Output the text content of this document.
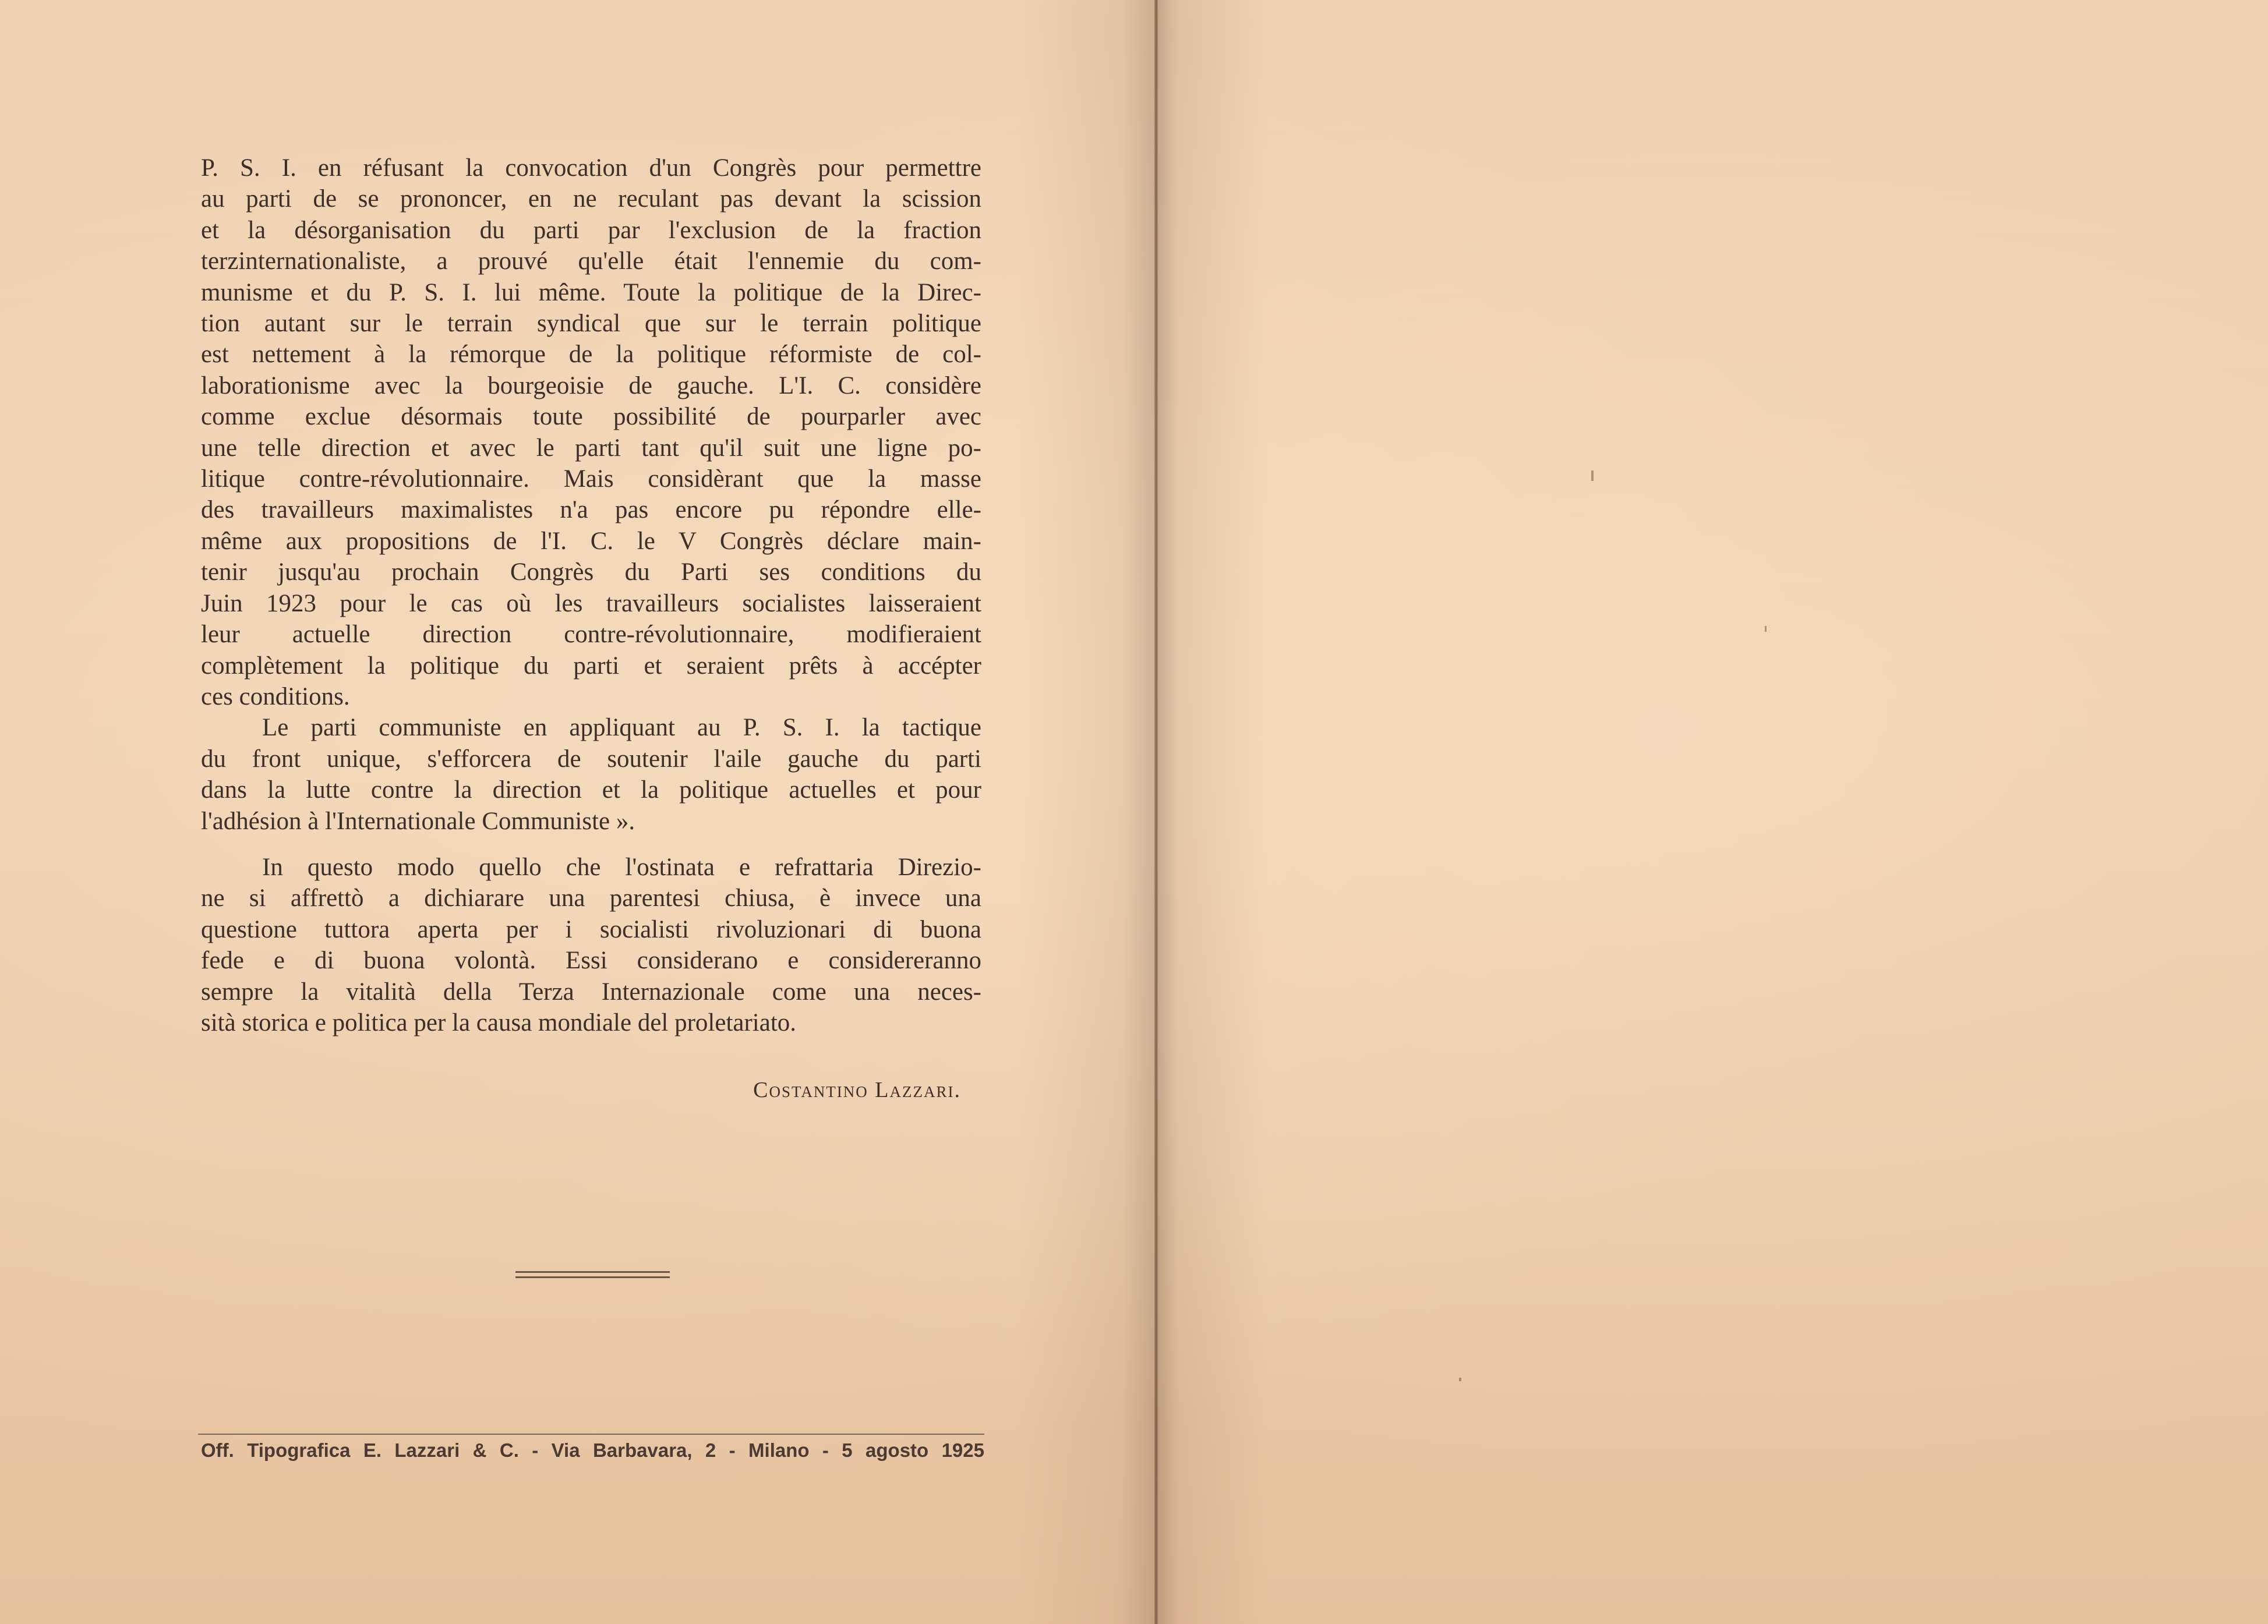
P. S. I. en réfusant la convocation d'un Congrès pour permettre
au parti de se prononcer, en ne reculant pas devant la scission
et la désorganisation du parti par l'exclusion de la fraction
terzinternationaliste, a prouvé qu'elle était l'ennemie du com-
munisme et du P. S. I. lui même. Toute la politique de la Direc-
tion autant sur le terrain syndical que sur le terrain politique
est nettement à la rémorque de la politique réformiste de col-
laborationisme avec la bourgeoisie de gauche. L'I. C. considère
comme exclue désormais toute possibilité de pourparler avec
une telle direction et avec le parti tant qu'il suit une ligne po-
litique contre-révolutionnaire. Mais considèrant que la masse
des travailleurs maximalistes n'a pas encore pu répondre elle-
même aux propositions de l'I. C. le V Congrès déclare main-
tenir jusqu'au prochain Congrès du Parti ses conditions du
Juin 1923 pour le cas où les travailleurs socialistes laisseraient
leur actuelle direction contre-révolutionnaire, modifieraient
complètement la politique du parti et seraient prêts à accépter
ces conditions.
Le parti communiste en appliquant au P. S. I. la tactique
du front unique, s'efforcera de soutenir l'aile gauche du parti
dans la lutte contre la direction et la politique actuelles et pour
l'adhésion à l'Internationale Communiste ».
In questo modo quello che l'ostinata e refrattaria Direzio-
ne si affrettò a dichiarare una parentesi chiusa, è invece una
questione tuttora aperta per i socialisti rivoluzionari di buona
fede e di buona volontà. Essi considerano e considereranno
sempre la vitalità della Terza Internazionale come una neces-
sità storica e politica per la causa mondiale del proletariato.
Costantino Lazzari.
Off. Tipografica E. Lazzari & C. - Via Barbavara, 2 - Milano - 5 agosto 1925
